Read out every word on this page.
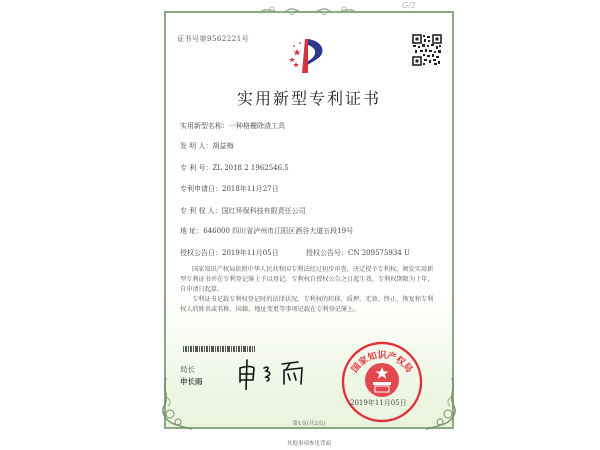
G/2
证书号第9562221号
实用新型专利证书
实用新型名称：一种格栅除渣工具
发 明 人：胡益梅
专 利 号：ZL 2018 2 1962546.5
专利申请日：2018年11月27日
专 利 权 人：国红环保科技有限责任公司
地 址：646000 四川省泸州市江阳区酒谷大道五段19号
授权公告日：2019年11月05日	授权公告号：CN 209575934 U
国家知识产权局依照中华人民共和国专利法经过初步审查，决定授予专利权，颁发实用新型专利证书并在专利登记簿上予以登记。专利权自授权公告之日起生效。专利权期限为十年，自申请日起算。
专利证书记载专利权登记时的法律状况。专利权的转移、质押、无效、终止、恢复和专利权人的姓名或名称、国籍、地址变更等事项记载在专利登记簿上。
局长
申长雨
国家知识产权局
2019年11月05日
第1页(共2页)
其他事项参见背面
